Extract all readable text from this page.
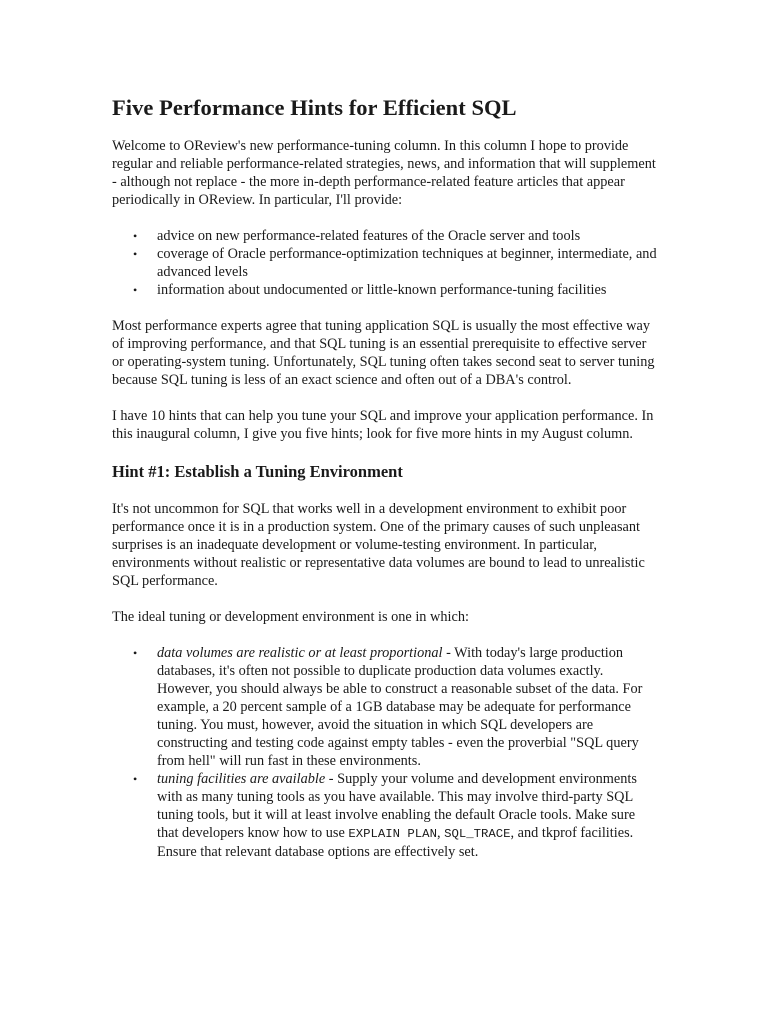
Five Performance Hints for Efficient SQL

Welcome to OReview's new performance-tuning column. In this column I hope to provide regular and reliable performance-related strategies, news, and information that will supplement - although not replace - the more in-depth performance-related feature articles that appear periodically in OReview. In particular, I'll provide:

• advice on new performance-related features of the Oracle server and tools
• coverage of Oracle performance-optimization techniques at beginner, intermediate, and advanced levels
• information about undocumented or little-known performance-tuning facilities

Most performance experts agree that tuning application SQL is usually the most effective way of improving performance, and that SQL tuning is an essential prerequisite to effective server or operating-system tuning. Unfortunately, SQL tuning often takes second seat to server tuning because SQL tuning is less of an exact science and often out of a DBA's control.

I have 10 hints that can help you tune your SQL and improve your application performance. In this inaugural column, I give you five hints; look for five more hints in my August column.

Hint #1: Establish a Tuning Environment

It's not uncommon for SQL that works well in a development environment to exhibit poor performance once it is in a production system. One of the primary causes of such unpleasant surprises is an inadequate development or volume-testing environment. In particular, environments without realistic or representative data volumes are bound to lead to unrealistic SQL performance.

The ideal tuning or development environment is one in which:

• data volumes are realistic or at least proportional - With today's large production databases, it's often not possible to duplicate production data volumes exactly. However, you should always be able to construct a reasonable subset of the data. For example, a 20 percent sample of a 1GB database may be adequate for performance tuning. You must, however, avoid the situation in which SQL developers are constructing and testing code against empty tables - even the proverbial "SQL query from hell" will run fast in these environments.
• tuning facilities are available - Supply your volume and development environments with as many tuning tools as you have available. This may involve third-party SQL tuning tools, but it will at least involve enabling the default Oracle tools. Make sure that developers know how to use EXPLAIN PLAN, SQL_TRACE, and tkprof facilities. Ensure that relevant database options are effectively set.
